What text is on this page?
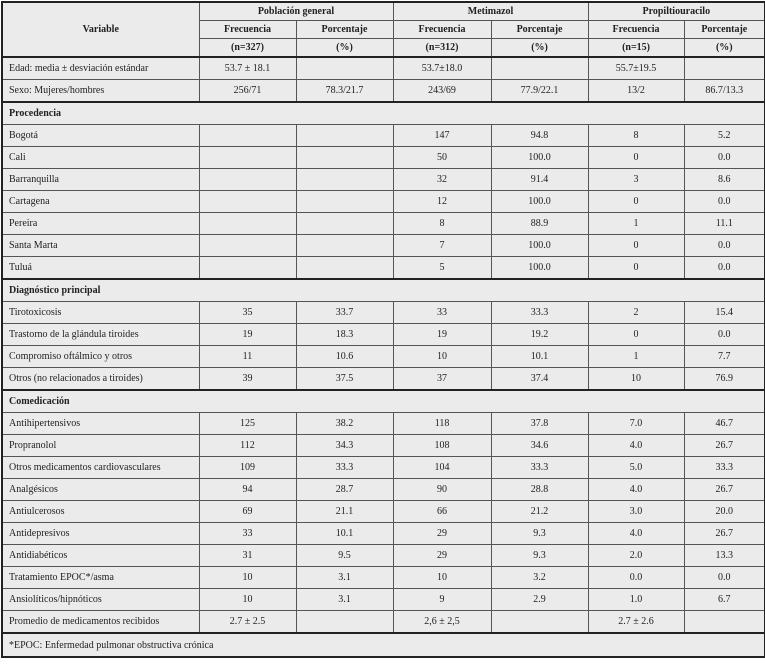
Variable	Población general		Metimazol		Propiltiouracilo	
	Frecuencia	Porcentaje	Frecuencia	Porcentaje	Frecuencia	Porcentaje
	(n=327)	(%)	(n=312)	(%)	(n=15)	(%)
Edad: media ± desviación estándar	53.7 ± 18.1		53.7±18.0		55.7±19.5	
Sexo: Mujeres/hombres	256/71	78.3/21.7	243/69	77.9/22.1	13/2	86.7/13.3
Procedencia						
Bogotá			147	94.8	8	5.2
Cali			50	100.0	0	0.0
Barranquilla			32	91.4	3	8.6
Cartagena			12	100.0	0	0.0
Pereira			8	88.9	1	11.1
Santa Marta			7	100.0	0	0.0
Tuluá			5	100.0	0	0.0
Diagnóstico principal						
Tirotoxicosis	35	33.7	33	33.3	2	15.4
Trastorno de la glándula tiroides	19	18.3	19	19.2	0	0.0
Compromiso oftálmico y otros	11	10.6	10	10.1	1	7.7
Otros (no relacionados a tiroides)	39	37.5	37	37.4	10	76.9
Comedicación						
Antihipertensivos	125	38.2	118	37.8	7.0	46.7
Propranolol	112	34.3	108	34.6	4.0	26.7
Otros medicamentos cardiovasculares	109	33.3	104	33.3	5.0	33.3
Analgésicos	94	28.7	90	28.8	4.0	26.7
Antiulcerosos	69	21.1	66	21.2	3.0	20.0
Antidepresivos	33	10.1	29	9.3	4.0	26.7
Antidiabéticos	31	9.5	29	9.3	2.0	13.3
Tratamiento EPOC*/asma	10	3.1	10	3.2	0.0	0.0
Ansiolíticos/hipnóticos	10	3.1	9	2.9	1.0	6.7
Promedio de medicamentos recibidos	2.7 ± 2.5		2,6 ± 2,5		2.7 ± 2.6	
*EPOC: Enfermedad pulmonar obstructiva crónica						
